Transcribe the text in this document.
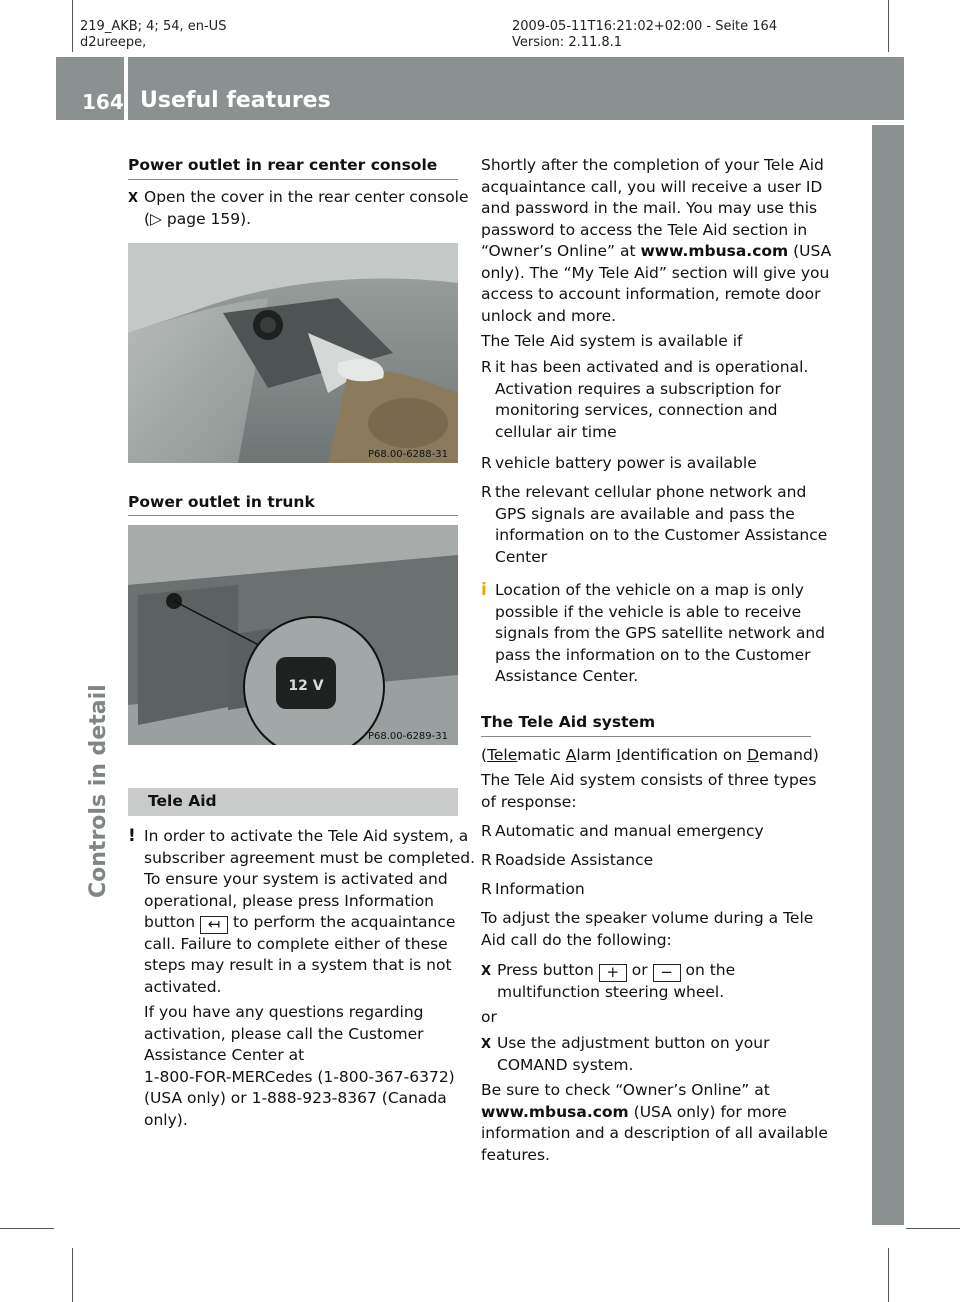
219_AKB; 4; 54, en-US
d2ureepe,
2009-05-11T16:21:02+02:00 - Seite 164
Version: 2.11.8.1
164 Useful features
Controls in detail
Power outlet in rear center console
X Open the cover in the rear center console
(▷ page 159).
P68.00-6288-31
Power outlet in trunk
12 V
P68.00-6289-31
Tele Aid
! In order to activate the Tele Aid system, a
subscriber agreement must be completed.
To ensure your system is activated and
operational, please press Information
button ↤ to perform the acquaintance
call. Failure to complete either of these
steps may result in a system that is not
activated.
If you have any questions regarding
activation, please call the Customer
Assistance Center at
1-800-FOR-MERCedes (1-800-367-6372)
(USA only) or 1-888-923-8367 (Canada
only).
Shortly after the completion of your Tele Aid
acquaintance call, you will receive a user ID
and password in the mail. You may use this
password to access the Tele Aid section in
“Owner’s Online” at www.mbusa.com (USA
only). The “My Tele Aid” section will give you
access to account information, remote door
unlock and more.
The Tele Aid system is available if
R it has been activated and is operational.
Activation requires a subscription for
monitoring services, connection and
cellular air time
R vehicle battery power is available
R the relevant cellular phone network and
GPS signals are available and pass the
information on to the Customer Assistance
Center
i Location of the vehicle on a map is only
possible if the vehicle is able to receive
signals from the GPS satellite network and
pass the information on to the Customer
Assistance Center.
The Tele Aid system
(Telematic Alarm Identification on Demand)
The Tele Aid system consists of three types
of response:
R Automatic and manual emergency
R Roadside Assistance
R Information
To adjust the speaker volume during a Tele
Aid call do the following:
X Press button + or − on the
multifunction steering wheel.
or
X Use the adjustment button on your
COMAND system.
Be sure to check “Owner’s Online” at
www.mbusa.com (USA only) for more
information and a description of all available
features.
